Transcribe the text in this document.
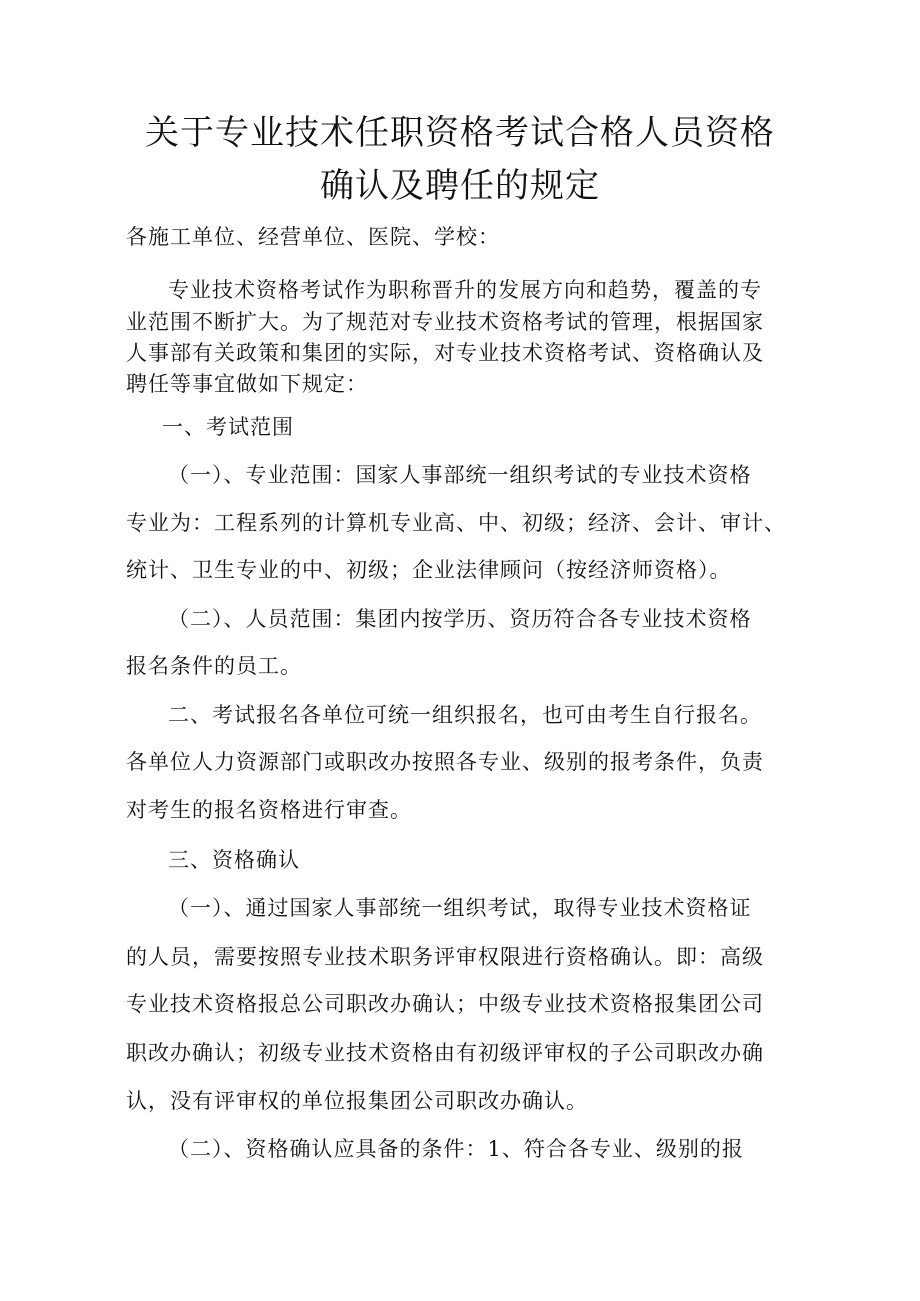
关于专业技术任职资格考试合格人员资格
确认及聘任的规定
各施工单位、经营单位、医院、学校：
专业技术资格考试作为职称晋升的发展方向和趋势，覆盖的专
业范围不断扩大。为了规范对专业技术资格考试的管理，根据国家
人事部有关政策和集团的实际，对专业技术资格考试、资格确认及
聘任等事宜做如下规定：
一、考试范围
（一）、专业范围：国家人事部统一组织考试的专业技术资格
专业为：工程系列的计算机专业高、中、初级；经济、会计、审计、
统计、卫生专业的中、初级；企业法律顾问（按经济师资格）。
（二）、人员范围：集团内按学历、资历符合各专业技术资格
报名条件的员工。
二、考试报名各单位可统一组织报名，也可由考生自行报名。
各单位人力资源部门或职改办按照各专业、级别的报考条件，负责
对考生的报名资格进行审查。
三、资格确认
（一）、通过国家人事部统一组织考试，取得专业技术资格证
的人员，需要按照专业技术职务评审权限进行资格确认。即：高级
专业技术资格报总公司职改办确认；中级专业技术资格报集团公司
职改办确认；初级专业技术资格由有初级评审权的子公司职改办确
认，没有评审权的单位报集团公司职改办确认。
（二）、资格确认应具备的条件：1、符合各专业、级别的报
